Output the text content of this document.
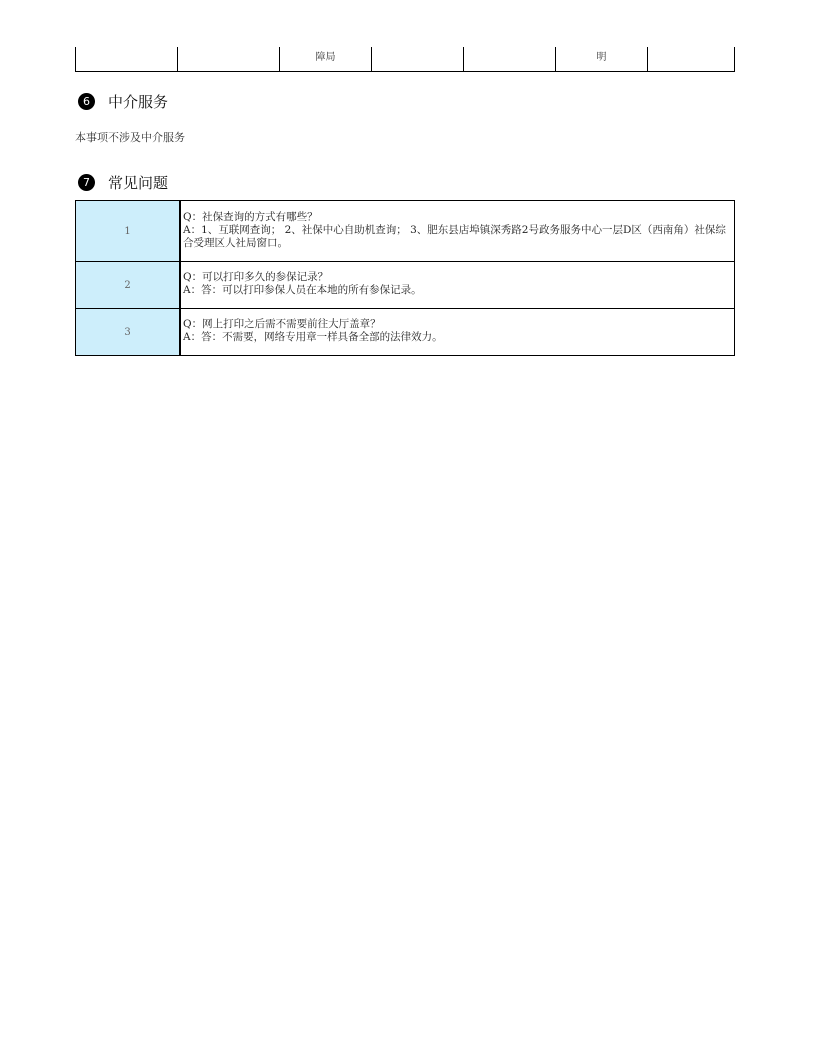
		障局			明	
6	中介服务
本事项不涉及中介服务
7	常见问题
1	Q：社保查询的方式有哪些？
A：1、互联网查询； 2、社保中心自助机查询； 3、肥东县店埠镇深秀路2号政务服务中心一层D区（西南角）社保综合受理区人社局窗口。

2	Q：可以打印多久的参保记录？
A：答：可以打印参保人员在本地的所有参保记录。

3	Q：网上打印之后需不需要前往大厅盖章？
A：答：不需要，网络专用章一样具备全部的法律效力。
